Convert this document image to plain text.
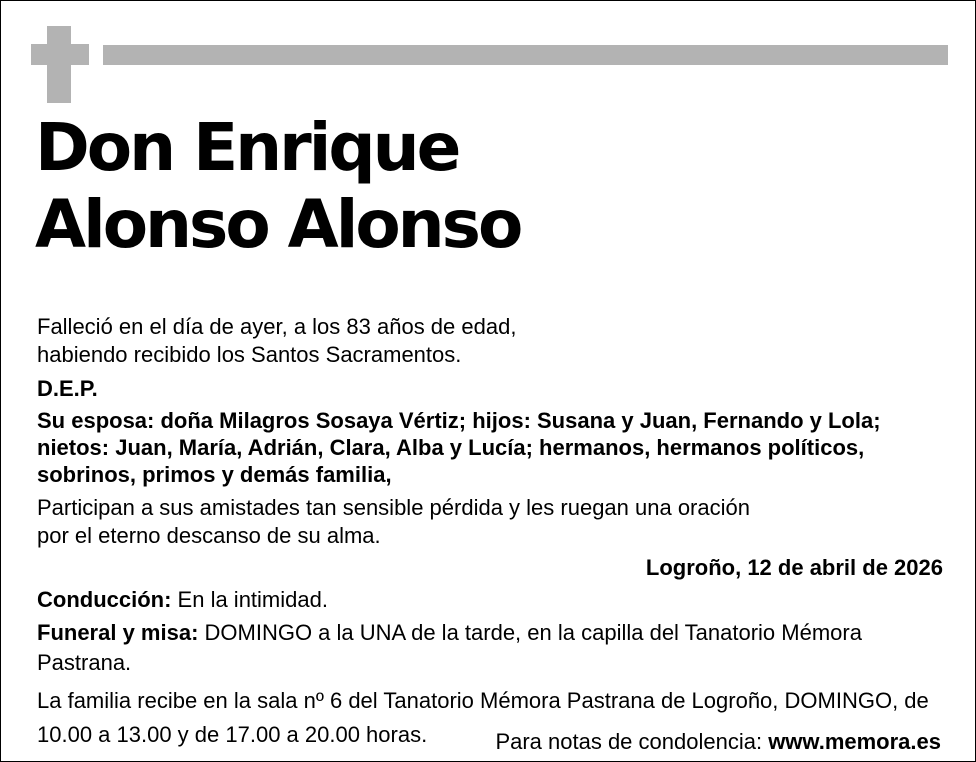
Don Enrique
Alonso Alonso

Falleció en el día de ayer, a los 83 años de edad,

habiendo recibido los Santos Sacramentos.

D.E.P.

Su esposa: doña Milagros Sosaya Vértiz; hijos: Susana y Juan, Fernando y Lola; nietos: Juan, María, Adrián, Clara, Alba y Lucía; hermanos, hermanos políticos, sobrinos, primos y demás familia,

Participan a sus amistades tan sensible pérdida y les ruegan una oración

por el eterno descanso de su alma.

Logroño, 12 de abril de 2026

Conducción: En la intimidad.

Funeral y misa: DOMINGO a la UNA de la tarde, en la capilla del Tanatorio Mémora Pastrana.

La familia recibe en la sala nº 6 del Tanatorio Mémora Pastrana de Logroño, DOMINGO, de 10.00 a 13.00 y de 17.00 a 20.00 horas.	Para notas de condolencia: www.memora.es
